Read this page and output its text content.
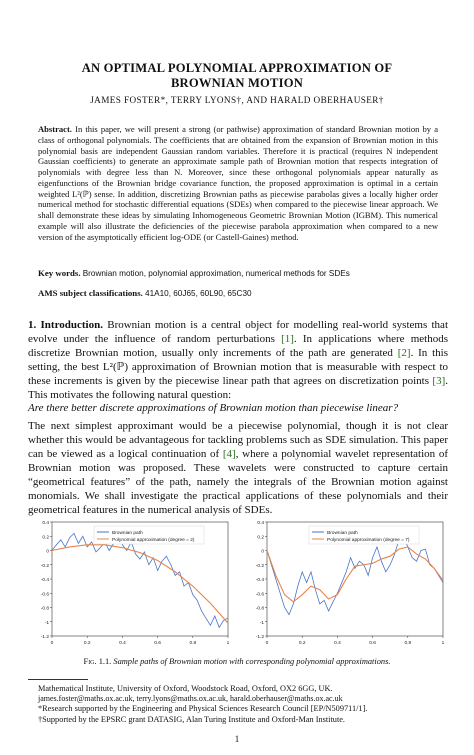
AN OPTIMAL POLYNOMIAL APPROXIMATION OF
BROWNIAN MOTION
JAMES FOSTER*, TERRY LYONS†, AND HARALD OBERHAUSER†
Abstract. In this paper, we will present a strong (or pathwise) approximation of standard Brownian motion by a class of orthogonal polynomials. The coefficients that are obtained from the expansion of Brownian motion in this polynomial basis are independent Gaussian random variables. Therefore it is practical (requires N independent Gaussian coefficients) to generate an approximate sample path of Brownian motion that respects integration of polynomials with degree less than N. Moreover, since these orthogonal polynomials appear naturally as eigenfunctions of the Brownian bridge covariance function, the proposed approximation is optimal in a certain weighted L²(ℙ) sense. In addition, discretizing Brownian paths as piecewise parabolas gives a locally higher order numerical method for stochastic differential equations (SDEs) when compared to the piecewise linear approach. We shall demonstrate these ideas by simulating Inhomogeneous Geometric Brownian Motion (IGBM). This numerical example will also illustrate the deficiencies of the piecewise parabola approximation when compared to a new version of the asymptotically efficient log-ODE (or Castell-Gaines) method.
Key words. Brownian motion, polynomial approximation, numerical methods for SDEs
AMS subject classifications. 41A10, 60J65, 60L90, 65C30
1. Introduction. Brownian motion is a central object for modelling real-world systems that evolve under the influence of random perturbations [1]. In applications where methods discretize Brownian motion, usually only increments of the path are generated [2]. In this setting, the best L²(ℙ) approximation of Brownian motion that is measurable with respect to these increments is given by the piecewise linear path that agrees on discretization points [3]. This motivates the following natural question:
Are there better discrete approximations of Brownian motion than piecewise linear?
The next simplest approximant would be a piecewise polynomial, though it is not clear whether this would be advantageous for tackling problems such as SDE simulation. This paper can be viewed as a logical continuation of [4], where a polynomial wavelet representation of Brownian motion was proposed. These wavelets were constructed to capture certain “geometrical features” of the path, namely the integrals of the Brownian motion against monomials. We shall investigate the practical applications of these polynomials and their geometrical features in the numerical analysis of SDEs.
0.4
0.2
0
-0.2
-0.4
-0.6
-0.8
-1
-1.2
0	0.2	0.4	0.6	0.8	1
Brownian path
Polynomial approximation (degree = 2)
0.4
0.2
0
-0.2
-0.4
-0.6
-0.8
-1
-1.2
0	0.2	0.4	0.6	0.8	1
Brownian path
Polynomial approximation (degree = 7)
Fig. 1.1. Sample paths of Brownian motion with corresponding polynomial approximations.
Mathematical Institute, University of Oxford, Woodstock Road, Oxford, OX2 6GG, UK.
james.foster@maths.ox.ac.uk, terry.lyons@maths.ox.ac.uk, harald.oberhauser@maths.ox.ac.uk
*Research supported by the Engineering and Physical Sciences Research Council [EP/N509711/1].
†Supported by the EPSRC grant DATASIG, Alan Turing Institute and Oxford-Man Institute.
1
